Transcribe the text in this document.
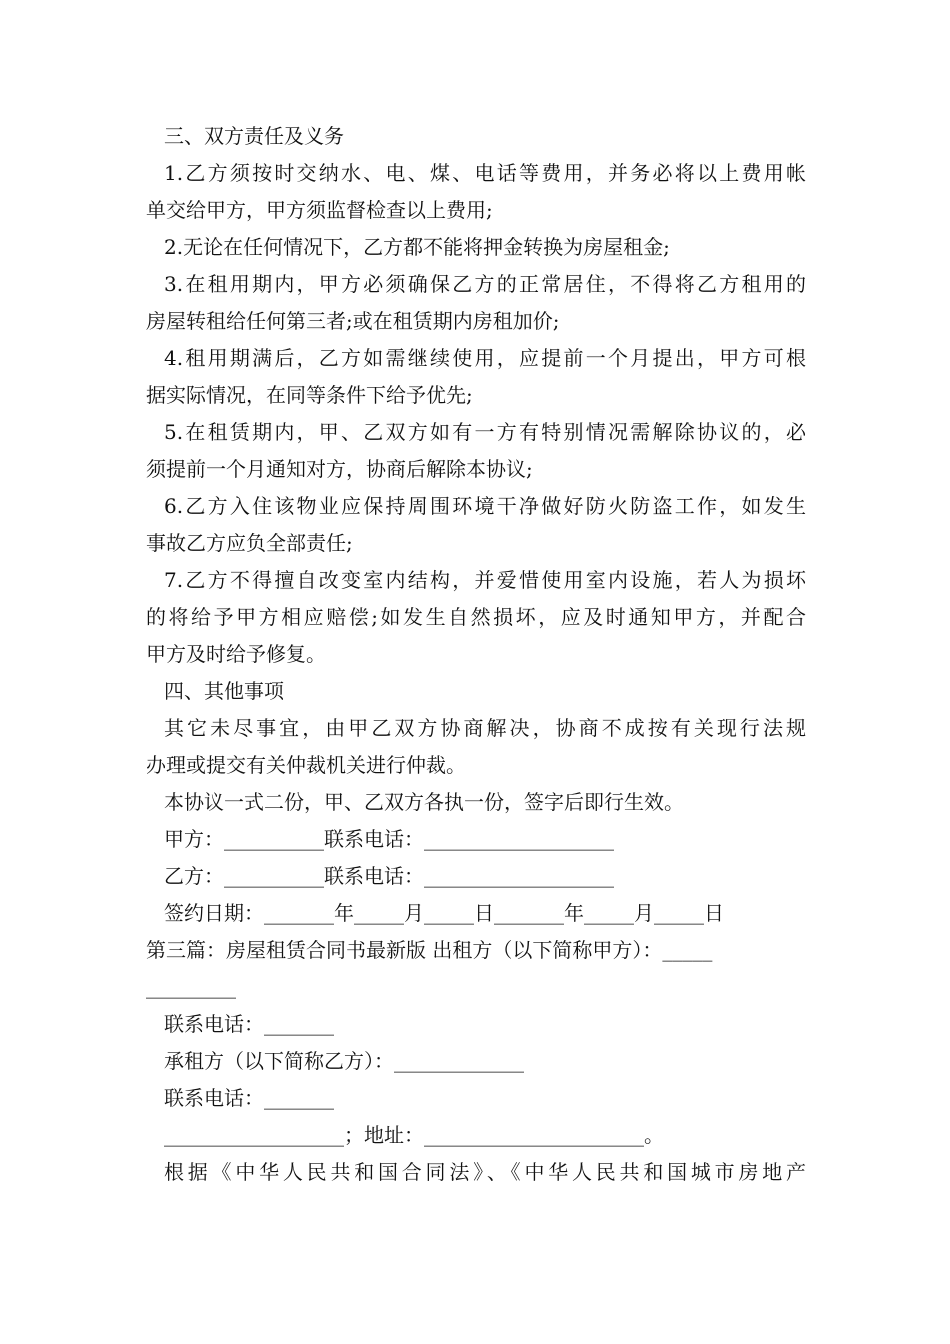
三、双方责任及义务
1.乙方须按时交纳水、电、煤、电话等费用，并务必将以上费用帐
单交给甲方，甲方须监督检查以上费用;
2.无论在任何情况下，乙方都不能将押金转换为房屋租金;
3.在租用期内，甲方必须确保乙方的正常居住，不得将乙方租用的
房屋转租给任何第三者;或在租赁期内房租加价;
4.租用期满后，乙方如需继续使用，应提前一个月提出，甲方可根
据实际情况，在同等条件下给予优先;
5.在租赁期内，甲、乙双方如有一方有特别情况需解除协议的，必
须提前一个月通知对方，协商后解除本协议;
6.乙方入住该物业应保持周围环境干净做好防火防盗工作，如发生
事故乙方应负全部责任;
7.乙方不得擅自改变室内结构，并爱惜使用室内设施，若人为损坏
的将给予甲方相应赔偿;如发生自然损坏，应及时通知甲方，并配合
甲方及时给予修复。
四、其他事项
其它未尽事宜，由甲乙双方协商解决，协商不成按有关现行法规
办理或提交有关仲裁机关进行仲裁。
本协议一式二份，甲、乙双方各执一份，签字后即行生效。
甲方：__________联系电话：___________________
乙方：__________联系电话：___________________
签约日期：_______年_____月_____日_______年_____月_____日
第三篇：房屋租赁合同书最新版 出租方（以下简称甲方）：_____
_________
联系电话：_______
承租方（以下简称乙方）：_____________
联系电话：_______
__________________；地址：______________________。
根据《中华人民共和国合同法》、《中华人民共和国城市房地产
